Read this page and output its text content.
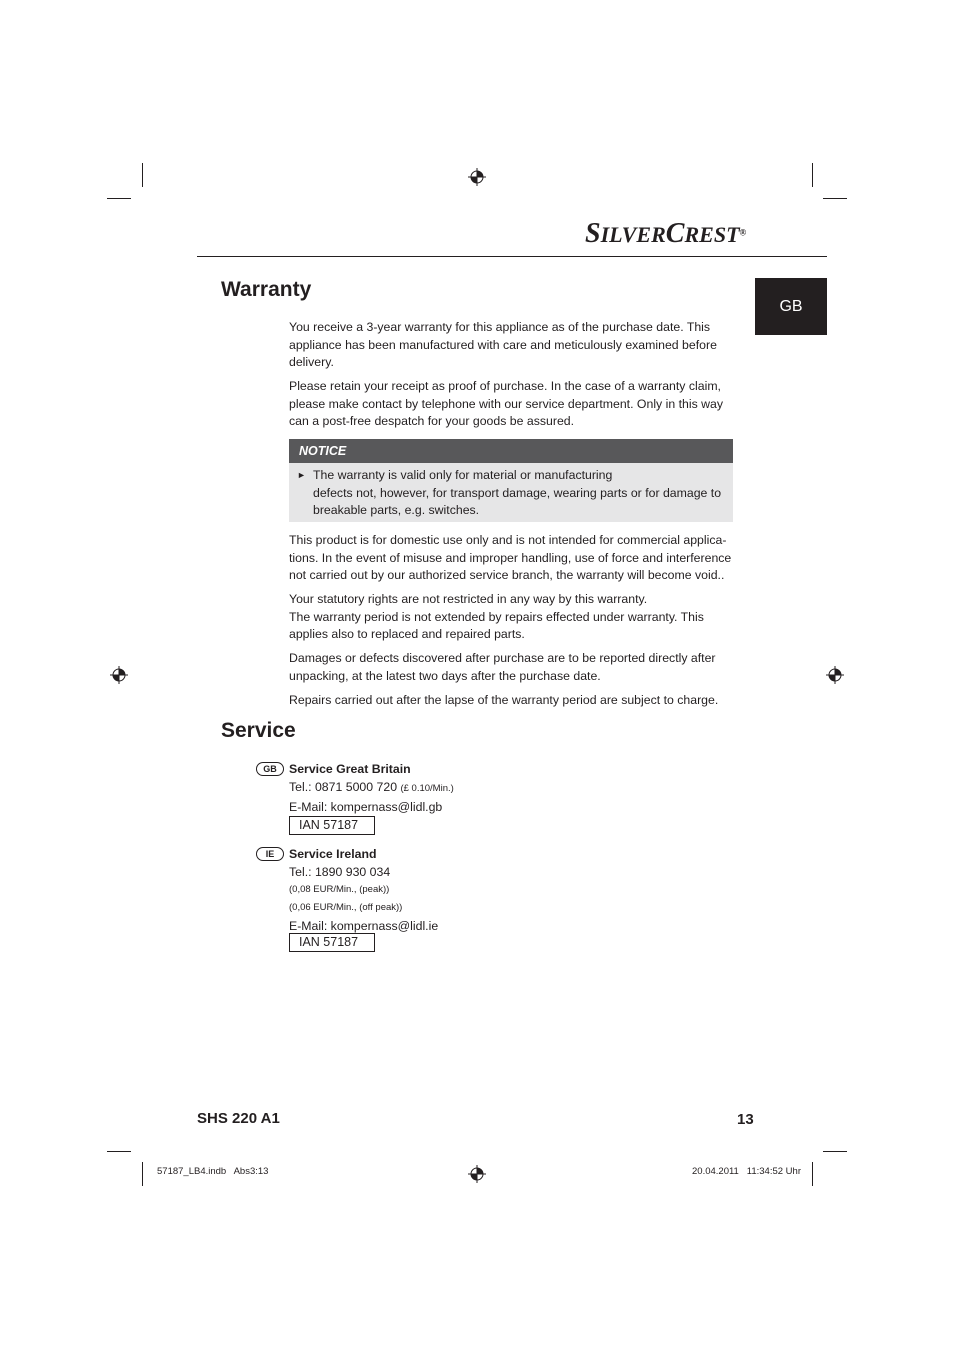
SILVERCREST®
GB
Warranty

You receive a 3-year warranty for this appliance as of the purchase date. This appliance has been manufactured with care and meticulously examined before delivery.

Please retain your receipt as proof of purchase. In the case of a warranty claim, please make contact by telephone with our service department. Only in this way can a post-free despatch for your goods be assured.

NOTICE
► The warranty is valid only for material or manufacturing
defects not, however, for transport damage, wearing parts or for damage to breakable parts, e.g. switches.

This product is for domestic use only and is not intended for commercial applica-tions. In the event of misuse and improper handling, use of force and interference not carried out by our authorized service branch, the warranty will become void..

Your statutory rights are not restricted in any way by this warranty.

The warranty period is not extended by repairs effected under warranty. This applies also to replaced and repaired parts.

Damages or defects discovered after purchase are to be reported directly after unpacking, at the latest two days after the purchase date.

Repairs carried out after the lapse of the warranty period are subject to charge.

Service
GB Service Great Britain
Tel.: 0871 5000 720 (£ 0.10/Min.)
E-Mail: kompernass@lidl.gb
IAN 57187
IE	Service Ireland
Tel.: 1890 930 034
(0,08 EUR/Min., (peak))
(0,06 EUR/Min., (off peak))
E-Mail: kompernass@lidl.ie
IAN 57187
SHS 220 A1	13
57187_LB4.indb   Abs3:13	20.04.2011   11:34:52 Uhr
